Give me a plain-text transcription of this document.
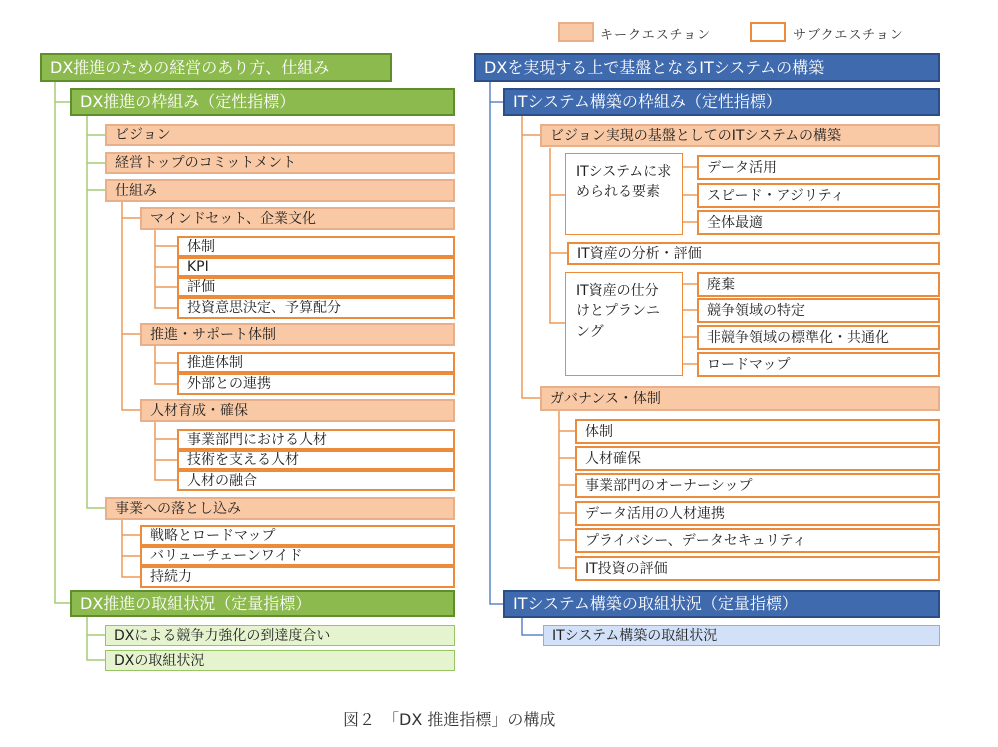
キークエスチョン	サブクエスチョン
DX推進のための経営のあり方、仕組み
DX推進の枠組み（定性指標）
ビジョン
経営トップのコミットメント
仕組み
マインドセット、企業文化
体制
KPI
評価
投資意思決定、予算配分
推進・サポート体制
推進体制
外部との連携
人材育成・確保
事業部門における人材
技術を支える人材
人材の融合
事業への落とし込み
戦略とロードマップ
バリューチェーンワイド
持続力
DX推進の取組状況（定量指標）
DXによる競争力強化の到達度合い
DXの取組状況
DXを実現する上で基盤となるITシステムの構築
ITシステム構築の枠組み（定性指標）
ビジョン実現の基盤としてのITシステムの構築
ITシステムに求められる要素
データ活用
スピード・アジリティ
全体最適
IT資産の分析・評価
IT資産の仕分けとプランニング
廃棄
競争領域の特定
非競争領域の標準化・共通化
ロードマップ
ガバナンス・体制
体制
人材確保
事業部門のオーナーシップ
データ活用の人材連携
プライバシー、データセキュリティ
IT投資の評価
ITシステム構築の取組状況（定量指標）
ITシステム構築の取組状況
図２　「DX 推進指標」の構成
